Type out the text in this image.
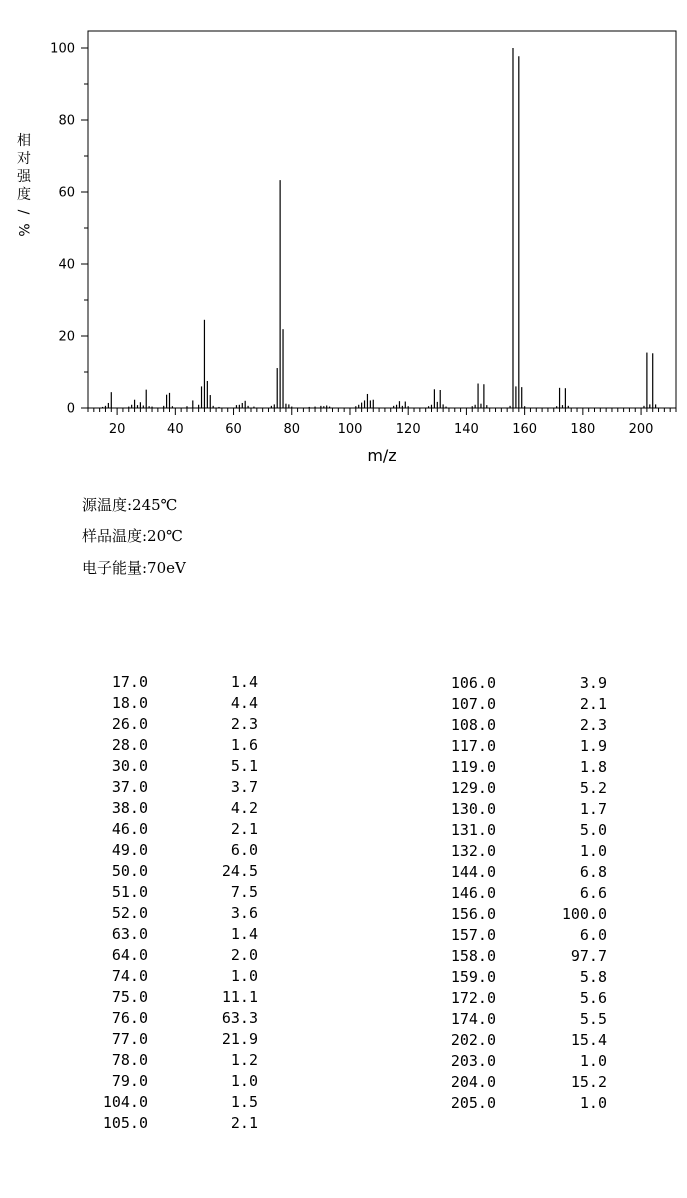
相
对
强
度
/
%
0
20
40
60
80
100
20	40	60	80	100	120	140	160	180	200
m/z
源温度:245℃
样品温度:20℃
电子能量:70eV
17.0	1.4
18.0	4.4
26.0	2.3
28.0	1.6
30.0	5.1
37.0	3.7
38.0	4.2
46.0	2.1
49.0	6.0
50.0	24.5
51.0	7.5
52.0	3.6
63.0	1.4
64.0	2.0
74.0	1.0
75.0	11.1
76.0	63.3
77.0	21.9
78.0	1.2
79.0	1.0
104.0	1.5
105.0	2.1
106.0	3.9
107.0	2.1
108.0	2.3
117.0	1.9
119.0	1.8
129.0	5.2
130.0	1.7
131.0	5.0
132.0	1.0
144.0	6.8
146.0	6.6
156.0	100.0
157.0	6.0
158.0	97.7
159.0	5.8
172.0	5.6
174.0	5.5
202.0	15.4
203.0	1.0
204.0	15.2
205.0	1.0
